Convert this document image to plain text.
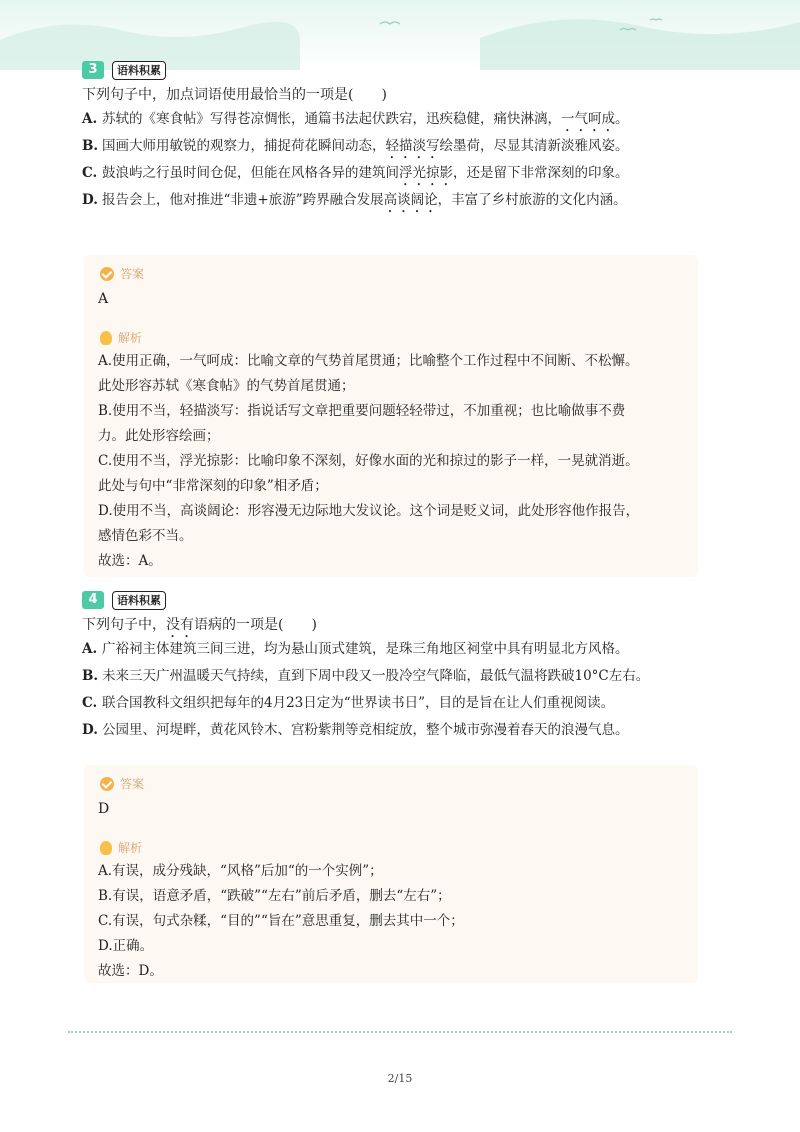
3	语料积累
下列句子中，加点词语使用最恰当的一项是(　　)
A. 苏轼的《寒食帖》写得苍凉惆怅，通篇书法起伏跌宕，迅疾稳健，痛快淋漓，一气呵成。
B. 国画大师用敏锐的观察力，捕捉荷花瞬间动态，轻描淡写绘墨荷，尽显其清新淡雅风姿。
C. 鼓浪屿之行虽时间仓促，但能在风格各异的建筑间浮光掠影，还是留下非常深刻的印象。
D. 报告会上，他对推进“非遗+旅游”跨界融合发展高谈阔论，丰富了乡村旅游的文化内涵。
答案
A
解析
A.使用正确，一气呵成：比喻文章的气势首尾贯通；比喻整个工作过程中不间断、不松懈。
此处形容苏轼《寒食帖》的气势首尾贯通；
B.使用不当，轻描淡写：指说话写文章把重要问题轻轻带过，不加重视；也比喻做事不费
力。此处形容绘画；
C.使用不当，浮光掠影：比喻印象不深刻，好像水面的光和掠过的影子一样，一晃就消逝。
此处与句中“非常深刻的印象”相矛盾；
D.使用不当，高谈阔论：形容漫无边际地大发议论。这个词是贬义词，此处形容他作报告，
感情色彩不当。
故选：A。
4	语料积累
下列句子中，没有语病的一项是(　　)
A. 广裕祠主体建筑三间三进，均为悬山顶式建筑，是珠三角地区祠堂中具有明显北方风格。
B. 未来三天广州温暖天气持续，直到下周中段又一股冷空气降临，最低气温将跌破10°C左右。
C. 联合国教科文组织把每年的4月23日定为“世界读书日”，目的是旨在让人们重视阅读。
D. 公园里、河堤畔，黄花风铃木、宫粉紫荆等竞相绽放，整个城市弥漫着春天的浪漫气息。
答案
D
解析
A.有误，成分残缺，“风格”后加“的一个实例”；
B.有误，语意矛盾，“跌破”“左右”前后矛盾，删去“左右”；
C.有误，句式杂糅，“目的”“旨在”意思重复，删去其中一个；
D.正确。
故选：D。
2/15
